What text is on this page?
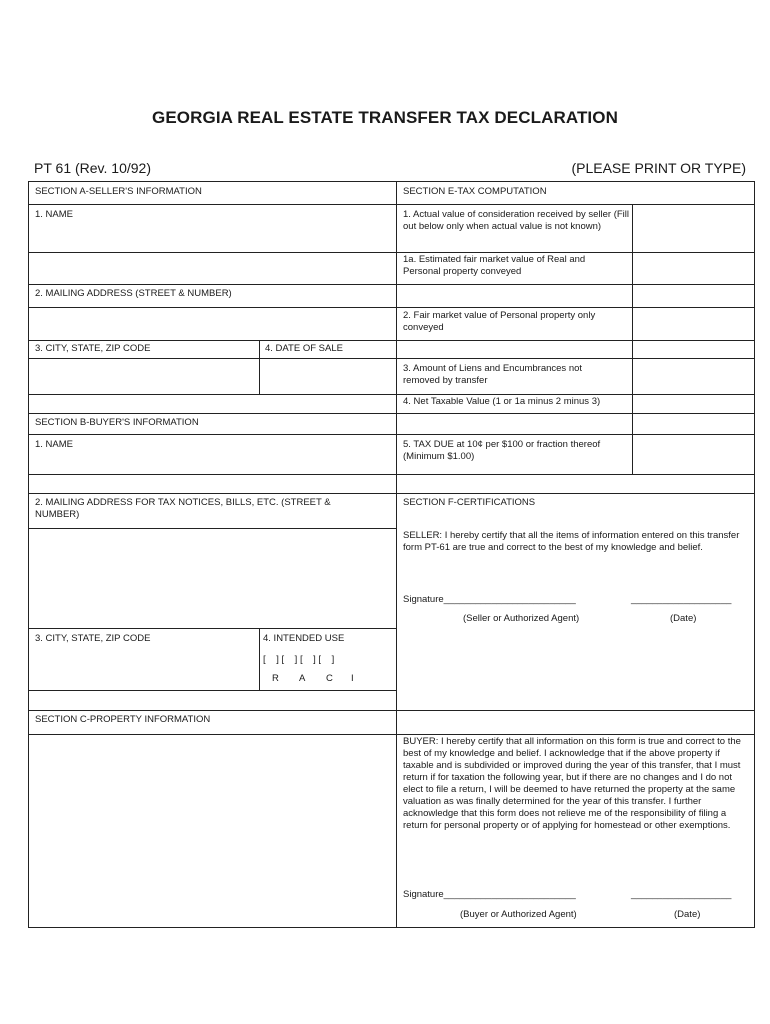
GEORGIA REAL ESTATE TRANSFER TAX DECLARATION
PT 61 (Rev. 10/92)	(PLEASE PRINT OR TYPE)
SECTION A-SELLER'S INFORMATION
1. NAME
2. MAILING ADDRESS (STREET & NUMBER)
3. CITY, STATE, ZIP CODE	4. DATE OF SALE
SECTION B-BUYER'S INFORMATION
1. NAME
2. MAILING ADDRESS FOR TAX NOTICES, BILLS, ETC. (STREET & NUMBER)
3. CITY, STATE, ZIP CODE	4. INTENDED USE
[    ] [    ] [    ] [    ]
R A C I
SECTION C-PROPERTY INFORMATION
SECTION E-TAX COMPUTATION
1. Actual value of consideration received by seller (Fill out below only when actual value is not known)
1a. Estimated fair market value of Real and Personal property conveyed
2. Fair market value of Personal property only conveyed
3. Amount of Liens and Encumbrances not removed by transfer
4. Net Taxable Value (1 or 1a minus 2 minus 3)
5. TAX DUE at 10¢ per $100 or fraction thereof (Minimum $1.00)
SECTION F-CERTIFICATIONS
SELLER: I hereby certify that all the items of information entered on this transfer form PT-61 are true and correct to the best of my knowledge and belief.
Signature_________________________	___________________
(Seller or Authorized Agent)	(Date)
BUYER: I hereby certify that all information on this form is true and correct to the best of my knowledge and belief. I acknowledge that if the above property if taxable and is subdivided or improved during the year of this transfer, that I must return if for taxation the following year, but if there are no changes and I do not elect to file a return, I will be deemed to have returned the property at the same valuation as was finally determined for the year of this transfer. I further acknowledge that this form does not relieve me of the responsibility of filing a return for personal property or of applying for homestead or other exemptions.
Signature_________________________	___________________
(Buyer or Authorized Agent)	(Date)
